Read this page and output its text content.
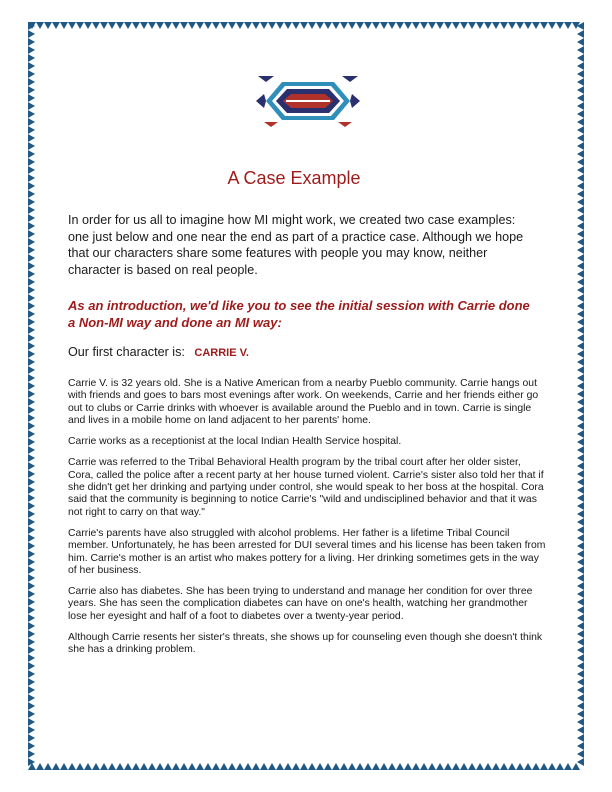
A Case Example
In order for us all to imagine how MI might work, we created two case examples: one just below and one near the end as part of a practice case. Although we hope that our characters share some features with people you may know, neither character is based on real people.
As an introduction, we'd like you to see the initial session with Carrie done a Non-MI way and done an MI way:
Our first character is: CARRIE V.

Carrie V. is 32 years old. She is a Native American from a nearby Pueblo community. Carrie hangs out with friends and goes to bars most evenings after work. On weekends, Carrie and her friends either go out to clubs or Carrie drinks with whoever is available around the Pueblo and in town. Carrie is single and lives in a mobile home on land adjacent to her parents' home.

Carrie works as a receptionist at the local Indian Health Service hospital.

Carrie was referred to the Tribal Behavioral Health program by the tribal court after her older sister, Cora, called the police after a recent party at her house turned violent. Carrie's sister also told her that if she didn't get her drinking and partying under control, she would speak to her boss at the hospital. Cora said that the community is beginning to notice Carrie's "wild and undisciplined behavior and that it was not right to carry on that way."

Carrie's parents have also struggled with alcohol problems. Her father is a lifetime Tribal Council member. Unfortunately, he has been arrested for DUI several times and his license has been taken from him. Carrie's mother is an artist who makes pottery for a living. Her drinking sometimes gets in the way of her business.

Carrie also has diabetes. She has been trying to understand and manage her condition for over three years. She has seen the complication diabetes can have on one's health, watching her grandmother lose her eyesight and half of a foot to diabetes over a twenty-year period.

Although Carrie resents her sister's threats, she shows up for counseling even though she doesn't think she has a drinking problem.
